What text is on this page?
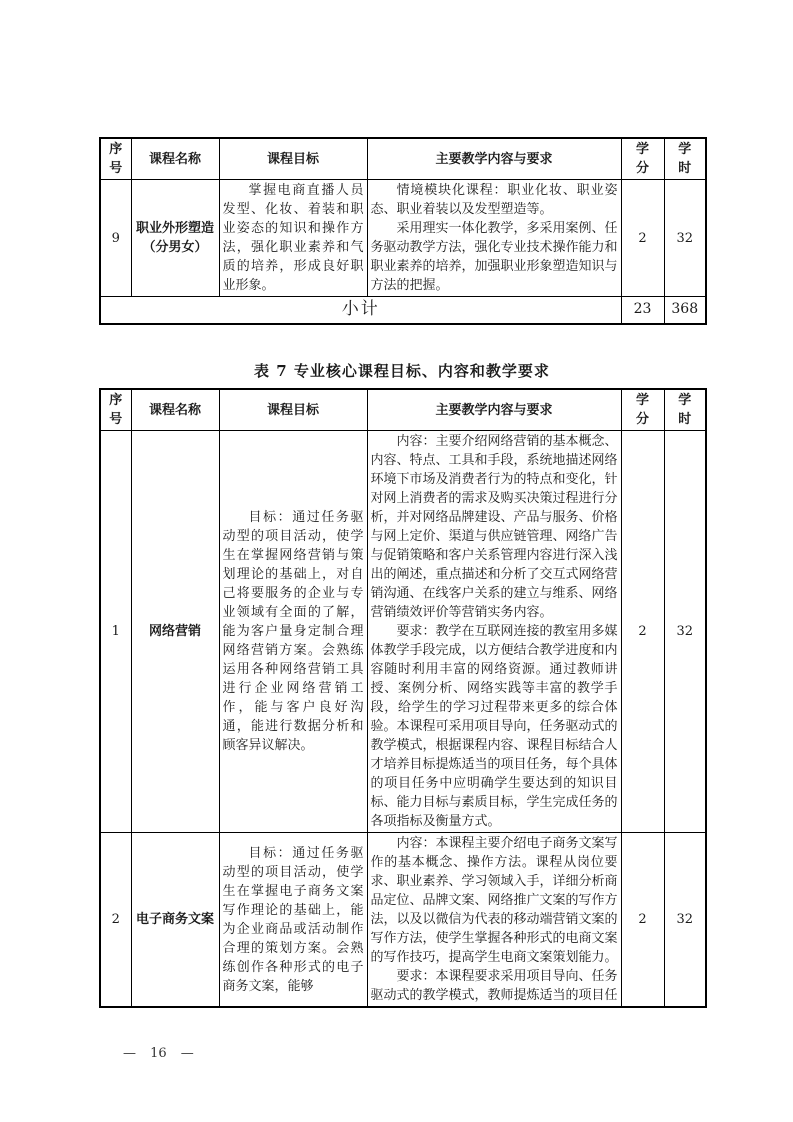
序号	课程名称	课程目标	主要教学内容与要求	学分	学时
9	职业外形塑造（分男女）	掌握电商直播人员发型、化妆、着装和职业姿态的知识和操作方法，强化职业素养和气质的培养，形成良好职业形象。	情境模块化课程：职业化妆、职业姿态、职业着装以及发型塑造等。

采用理实一体化教学，多采用案例、任务驱动教学方法，强化专业技术操作能力和职业素养的培养，加强职业形象塑造知识与方法的把握。	2	32
小计				23	368
表 7 专业核心课程目标、内容和教学要求
序号	课程名称	课程目标	主要教学内容与要求	学分	学时
1	网络营销	目标：通过任务驱动型的项目活动，使学生在掌握网络营销与策划理论的基础上，对自己将要服务的企业与专业领域有全面的了解，能为客户量身定制合理网络营销方案。会熟练运用各种网络营销工具进行企业网络营销工作，能与客户良好沟通，能进行数据分析和顾客异议解决。	内容：主要介绍网络营销的基本概念、内容、特点、工具和手段，系统地描述网络环境下市场及消费者行为的特点和变化，针对网上消费者的需求及购买决策过程进行分析，并对网络品牌建设、产品与服务、价格与网上定价、渠道与供应链管理、网络广告与促销策略和客户关系管理内容进行深入浅出的阐述，重点描述和分析了交互式网络营销沟通、在线客户关系的建立与维系、网络营销绩效评价等营销实务内容。

要求：教学在互联网连接的教室用多媒体教学手段完成，以方便结合教学进度和内容随时利用丰富的网络资源。通过教师讲授、案例分析、网络实践等丰富的教学手段，给学生的学习过程带来更多的综合体验。本课程可采用项目导向，任务驱动式的教学模式，根据课程内容、课程目标结合人才培养目标提炼适当的项目任务，每个具体的项目任务中应明确学生要达到的知识目标、能力目标与素质目标，学生完成任务的各项指标及衡量方式。	2	32
2	电子商务文案	目标：通过任务驱动型的项目活动，使学生在掌握电子商务文案写作理论的基础上，能为企业商品或活动制作合理的策划方案。会熟练创作各种形式的电子商务文案，能够	内容：本课程主要介绍电子商务文案写作的基本概念、操作方法。课程从岗位要求、职业素养、学习领域入手，详细分析商品定位、品牌文案、网络推广文案的写作方法，以及以微信为代表的移动端营销文案的写作方法，使学生掌握各种形式的电商文案的写作技巧，提高学生电商文案策划能力。

要求：本课程要求采用项目导向、任务驱动式的教学模式，教师提炼适当的项目任	2	32
— 16 —
